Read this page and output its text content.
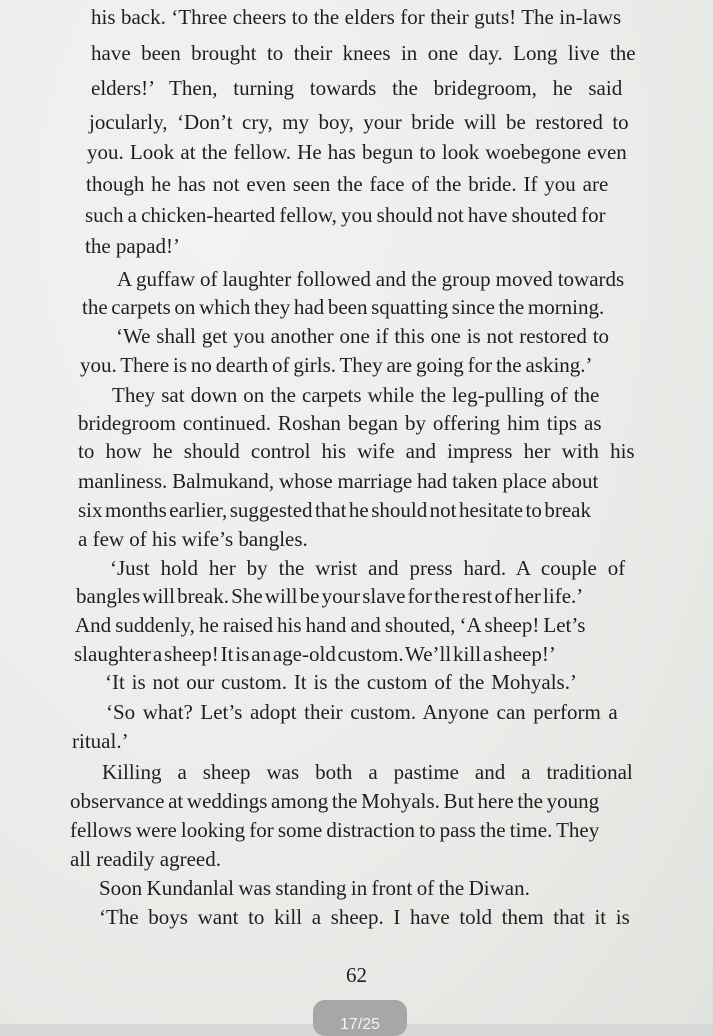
his back. ‘Three cheers to the elders for their guts! The in-laws
have been brought to their knees in one day. Long live the
elders!’ Then, turning towards the bridegroom, he said
jocularly, ‘Don’t cry, my boy, your bride will be restored to
you. Look at the fellow. He has begun to look woebegone even
though he has not even seen the face of the bride. If you are
such a chicken-hearted fellow, you should not have shouted for
the papad!’
A guffaw of laughter followed and the group moved towards
the carpets on which they had been squatting since the morning.
‘We shall get you another one if this one is not restored to
you. There is no dearth of girls. They are going for the asking.’
They sat down on the carpets while the leg-pulling of the
bridegroom continued. Roshan began by offering him tips as
to how he should control his wife and impress her with his
manliness. Balmukand, whose marriage had taken place about
six months earlier, suggested that he should not hesitate to break
a few of his wife’s bangles.
‘Just hold her by the wrist and press hard. A couple of
bangles will break. She will be your slave for the rest of her life.’
And suddenly, he raised his hand and shouted, ‘A sheep! Let’s
slaughter a sheep! It is an age-old custom. We’ll kill a sheep!’
‘It is not our custom. It is the custom of the Mohyals.’
‘So what? Let’s adopt their custom. Anyone can perform a
ritual.’
Killing a sheep was both a pastime and a traditional
observance at weddings among the Mohyals. But here the young
fellows were looking for some distraction to pass the time. They
all readily agreed.
Soon Kundanlal was standing in front of the Diwan.
‘The boys want to kill a sheep. I have told them that it is
62
17/25
